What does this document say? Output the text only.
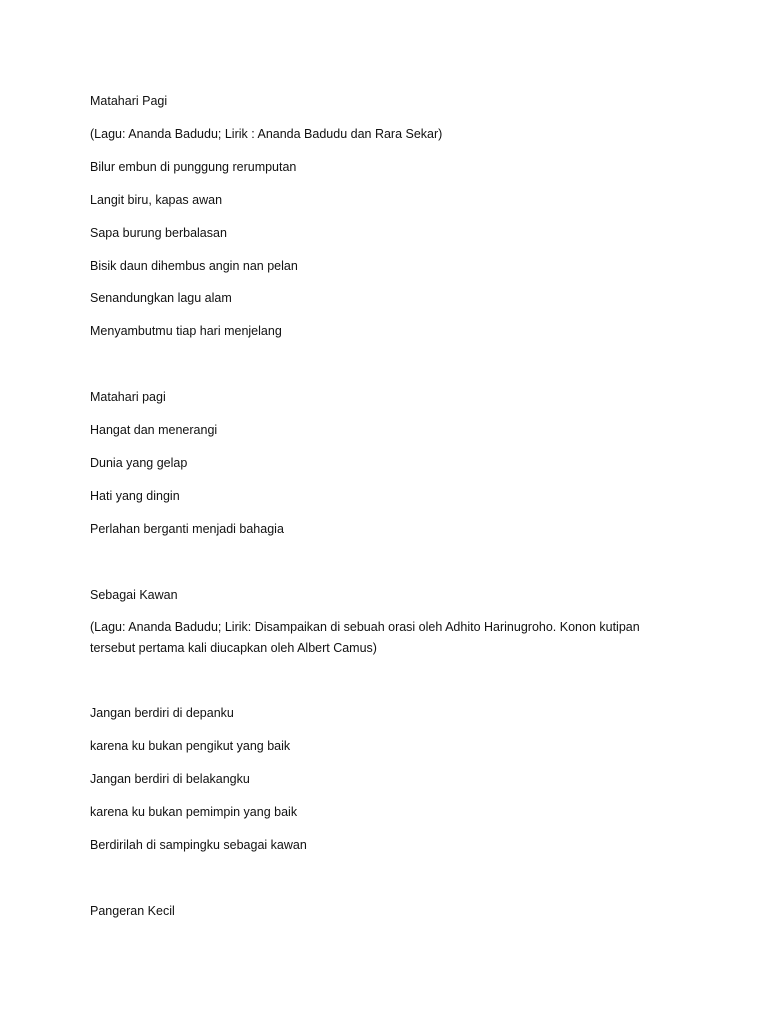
Matahari Pagi
(Lagu: Ananda Badudu; Lirik : Ananda Badudu dan Rara Sekar)
Bilur embun di punggung rerumputan
Langit biru, kapas awan
Sapa burung berbalasan
Bisik daun dihembus angin nan pelan
Senandungkan lagu alam
Menyambutmu tiap hari menjelang
Matahari pagi
Hangat dan menerangi
Dunia yang gelap
Hati yang dingin
Perlahan berganti menjadi bahagia
Sebagai Kawan
(Lagu: Ananda Badudu; Lirik: Disampaikan di sebuah orasi oleh Adhito Harinugroho. Konon kutipan
tersebut pertama kali diucapkan oleh Albert Camus)
Jangan berdiri di depanku
karena ku bukan pengikut yang baik
Jangan berdiri di belakangku
karena ku bukan pemimpin yang baik
Berdirilah di sampingku sebagai kawan
Pangeran Kecil
